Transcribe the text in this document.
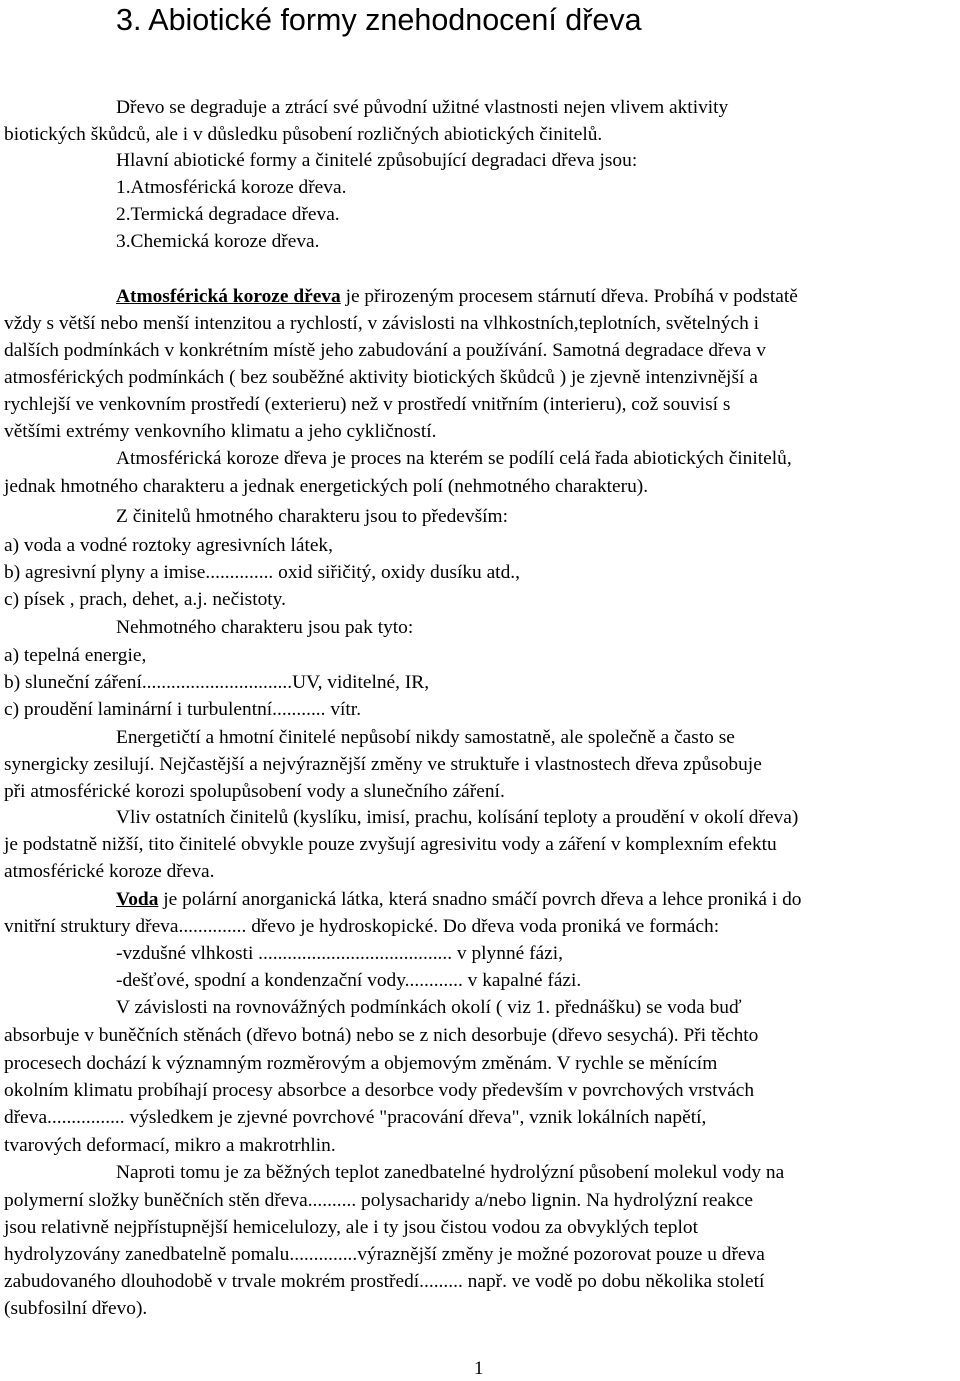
3. Abiotické formy znehodnocení dřeva
Dřevo se degraduje a ztrácí své původní užitné vlastnosti nejen vlivem aktivity
biotických škůdců, ale i v důsledku působení rozličných abiotických činitelů.
Hlavní abiotické formy a činitelé způsobující degradaci dřeva jsou:
1.Atmosférická koroze dřeva.
2.Termická degradace dřeva.
3.Chemická koroze dřeva.
Atmosférická koroze dřeva je přirozeným procesem stárnutí dřeva. Probíhá v podstatě
vždy s větší nebo menší intenzitou a rychlostí, v závislosti na vlhkostních,teplotních, světelných i
dalších podmínkách v konkrétním místě jeho zabudování a používání. Samotná degradace dřeva v
atmosférických podmínkách ( bez souběžné aktivity biotických škůdců ) je zjevně intenzivnější a
rychlejší ve venkovním prostředí (exterieru) než v prostředí vnitřním (interieru), což souvisí s
většími extrémy venkovního klimatu a jeho cykličností.
Atmosférická koroze dřeva je proces na kterém se podílí celá řada abiotických činitelů,
jednak hmotného charakteru a jednak energetických polí (nehmotného charakteru).
Z činitelů hmotného charakteru jsou to především:
a) voda a vodné roztoky agresivních látek,
b) agresivní plyny a imise.............. oxid siřičitý, oxidy dusíku atd.,
c) písek , prach, dehet, a.j. nečistoty.
Nehmotného charakteru jsou pak tyto:
a) tepelná energie,
b) sluneční záření...............................UV, viditelné, IR,
c) proudění laminární i turbulentní........... vítr.
Energetičtí a hmotní činitelé nepůsobí nikdy samostatně, ale společně a často se
synergicky zesilují. Nejčastější a nejvýraznější změny ve struktuře i vlastnostech dřeva způsobuje
při atmosférické korozi spolupůsobení vody a slunečního záření.
Vliv ostatních činitelů (kyslíku, imisí, prachu, kolísání teploty a proudění v okolí dřeva)
je podstatně nižší, tito činitelé obvykle pouze zvyšují agresivitu vody a záření v komplexním efektu
atmosférické koroze dřeva.
Voda je polární anorganická látka, která snadno smáčí povrch dřeva a lehce proniká i do
vnitřní struktury dřeva.............. dřevo je hydroskopické. Do dřeva voda proniká ve formách:
-vzdušné vlhkosti ........................................ v plynné fázi,
-dešťové, spodní a kondenzační vody............ v kapalné fázi.
V závislosti na rovnovážných podmínkách okolí ( viz 1. přednášku) se voda buď
absorbuje v buněčních stěnách (dřevo botná) nebo se z nich desorbuje (dřevo sesychá). Při těchto
procesech dochází k významným rozměrovým a objemovým změnám. V rychle se měnícím
okolním klimatu probíhají procesy absorbce a desorbce vody především v povrchových vrstvách
dřeva................ výsledkem je zjevné povrchové "pracování dřeva", vznik lokálních napětí,
tvarových deformací, mikro a makrotrhlin.
Naproti tomu je za běžných teplot zanedbatelné hydrolýzní působení molekul vody na
polymerní složky buněčních stěn dřeva.......... polysacharidy a/nebo lignin. Na hydrolýzní reakce
jsou relativně nejpřístupnější hemicelulozy, ale i ty jsou čistou vodou za obvyklých teplot
hydrolyzovány zanedbatelně pomalu..............výraznější změny je možné pozorovat pouze u dřeva
zabudovaného dlouhodobě v trvale mokrém prostředí......... např. ve vodě po dobu několika století
(subfosilní dřevo).
1
